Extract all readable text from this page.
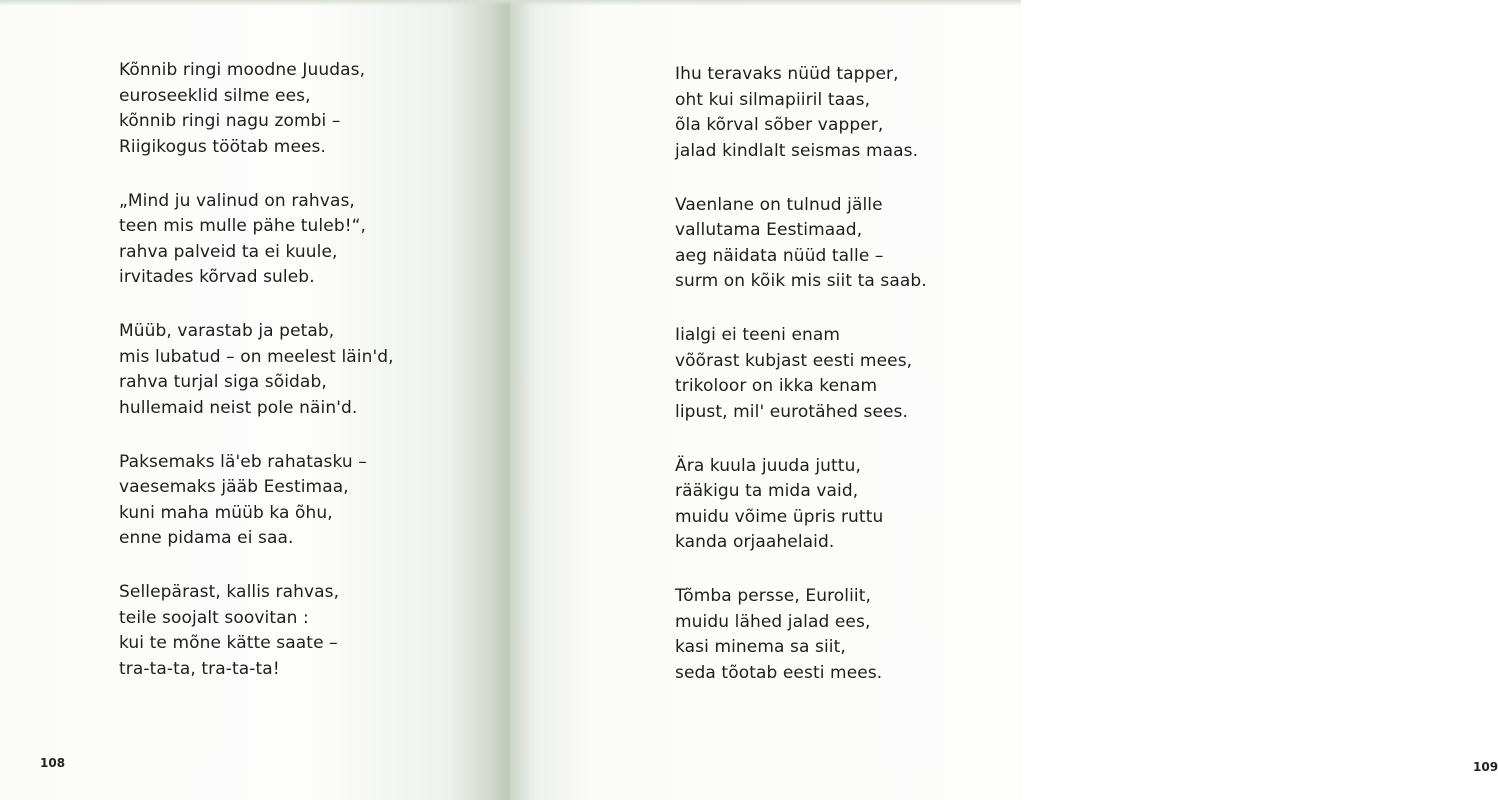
Kõnnib ringi moodne Juudas,
euroseeklid silme ees,
kõnnib ringi nagu zombi –
Riigikogus töötab mees.
„Mind ju valinud on rahvas,
teen mis mulle pähe tuleb!“,
rahva palveid ta ei kuule,
irvitades kõrvad suleb.
Müüb, varastab ja petab,
mis lubatud – on meelest läin'd,
rahva turjal siga sõidab,
hullemaid neist pole näin'd.
Paksemaks lä'eb rahatasku –
vaesemaks jääb Eestimaa,
kuni maha müüb ka õhu,
enne pidama ei saa.
Sellepärast, kallis rahvas,
teile soojalt soovitan :
kui te mõne kätte saate –
tra-ta-ta, tra-ta-ta!
108	109
Ihu teravaks nüüd tapper,
oht kui silmapiiril taas,
õla kõrval sõber vapper,
jalad kindlalt seismas maas.
Vaenlane on tulnud jälle
vallutama Eestimaad,
aeg näidata nüüd talle –
surm on kõik mis siit ta saab.
Iialgi ei teeni enam
võõrast kubjast eesti mees,
trikoloor on ikka kenam
lipust, mil' eurotähed sees.
Ära kuula juuda juttu,
rääkigu ta mida vaid,
muidu võime üpris ruttu
kanda orjaahelaid.
Tõmba persse, Euroliit,
muidu lähed jalad ees,
kasi minema sa siit,
seda tõotab eesti mees.
